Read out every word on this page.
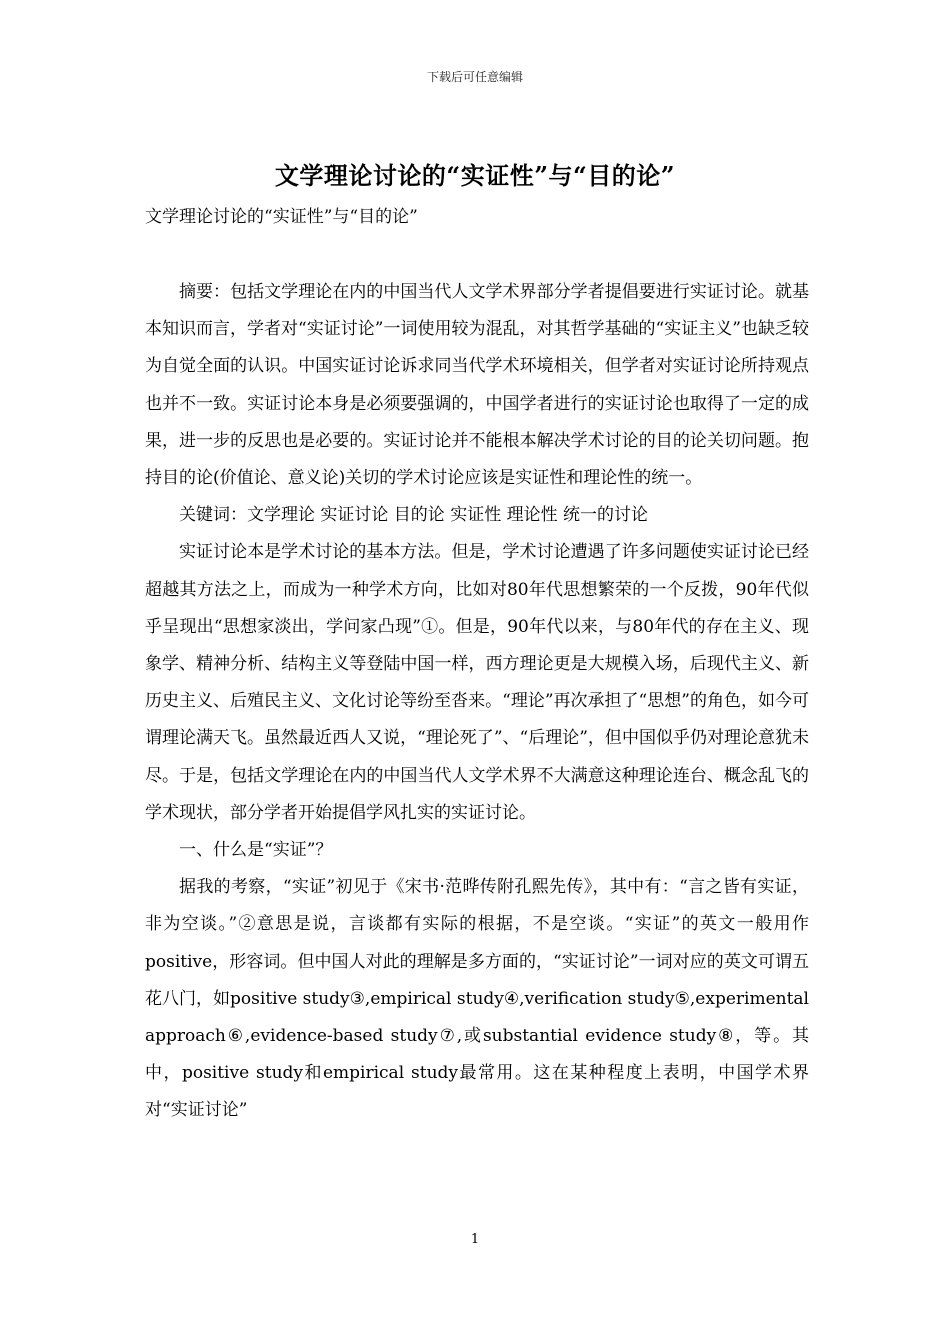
下载后可任意编辑
文学理论讨论的“实证性”与“目的论”
文学理论讨论的“实证性”与“目的论”

摘要：包括文学理论在内的中国当代人文学术界部分学者提倡要进行实证讨论。就基本知识而言，学者对“实证讨论”一词使用较为混乱，对其哲学基础的“实证主义”也缺乏较为自觉全面的认识。中国实证讨论诉求同当代学术环境相关，但学者对实证讨论所持观点也并不一致。实证讨论本身是必须要强调的，中国学者进行的实证讨论也取得了一定的成果，进一步的反思也是必要的。实证讨论并不能根本解决学术讨论的目的论关切问题。抱持目的论(价值论、意义论)关切的学术讨论应该是实证性和理论性的统一。

关键词：文学理论 实证讨论 目的论 实证性 理论性 统一的讨论

实证讨论本是学术讨论的基本方法。但是，学术讨论遭遇了许多问题使实证讨论已经超越其方法之上，而成为一种学术方向，比如对80年代思想繁荣的一个反拨，90年代似乎呈现出“思想家淡出，学问家凸现”①。但是，90年代以来，与80年代的存在主义、现象学、精神分析、结构主义等登陆中国一样，西方理论更是大规模入场，后现代主义、新历史主义、后殖民主义、文化讨论等纷至沓来。“理论”再次承担了“思想”的角色，如今可谓理论满天飞。虽然最近西人又说，“理论死了”、“后理论”，但中国似乎仍对理论意犹未尽。于是，包括文学理论在内的中国当代人文学术界不大满意这种理论连台、概念乱飞的学术现状，部分学者开始提倡学风扎实的实证讨论。

一、什么是“实证”？

据我的考察，“实证”初见于《宋书·范晔传附孔熙先传》，其中有：“言之皆有实证，非为空谈。”②意思是说，言谈都有实际的根据，不是空谈。“实证”的英文一般用作positive，形容词。但中国人对此的理解是多方面的，“实证讨论”一词对应的英文可谓五花八门，如positive study③,empirical study④,verification study⑤,experimental approach⑥,evidence-based study⑦,或substantial evidence study⑧，等。其中，positive study和empirical study最常用。这在某种程度上表明，中国学术界对“实证讨论”

1
